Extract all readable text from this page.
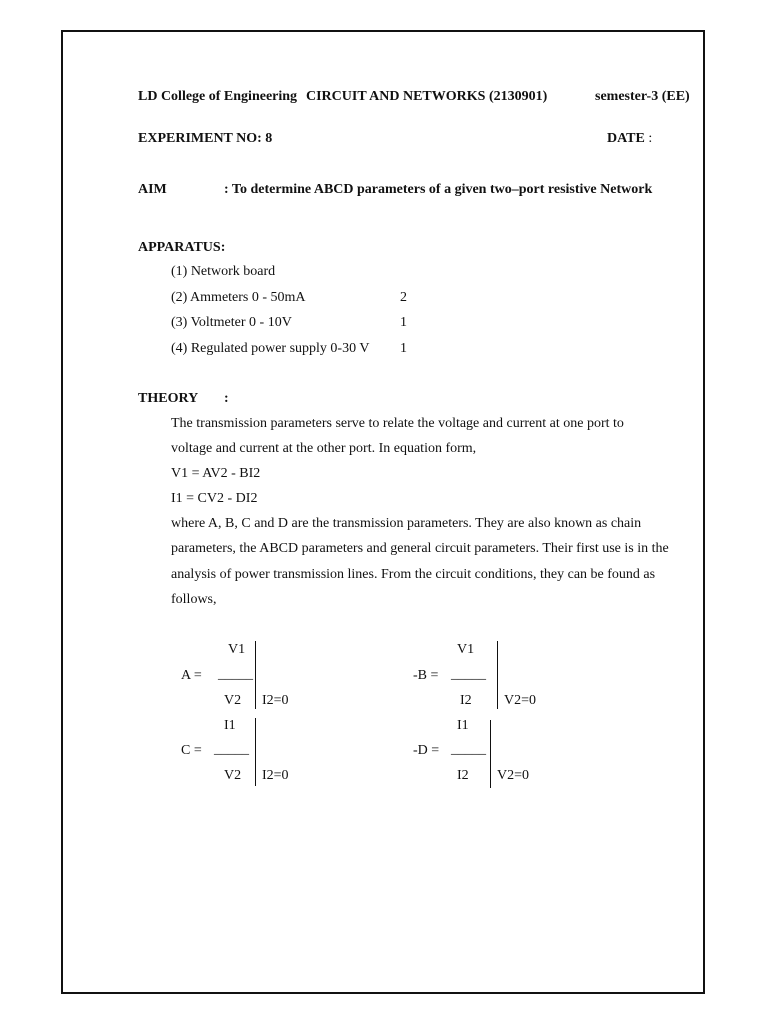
LD College of Engineering CIRCUIT AND NETWORKS (2130901)	semester-3 (EE)
EXPERIMENT NO: 8	DATE :
AIM	: To determine ABCD parameters of a given two–port resistive Network
APPARATUS:
(1) Network board
(2) Ammeters 0 - 50mA	2
(3) Voltmeter 0 - 10V	1
(4) Regulated power supply 0-30 V 1
THEORY :
The transmission parameters serve to relate the voltage and current at one port to
voltage and current at the other port. In equation form,
V1 = AV2 - BI2
I1 = CV2 - DI2
where A, B, C and D are the transmission parameters. They are also known as chain
parameters, the ABCD parameters and general circuit parameters. Their first use is in the
analysis of power transmission lines. From the circuit conditions, they can be found as
follows,
V1
A = _____
V2 I2=0
V1
-B = _____
I2 V2=0
I1
C = _____
V2 I2=0
I1
-D = _____
I2 V2=0
